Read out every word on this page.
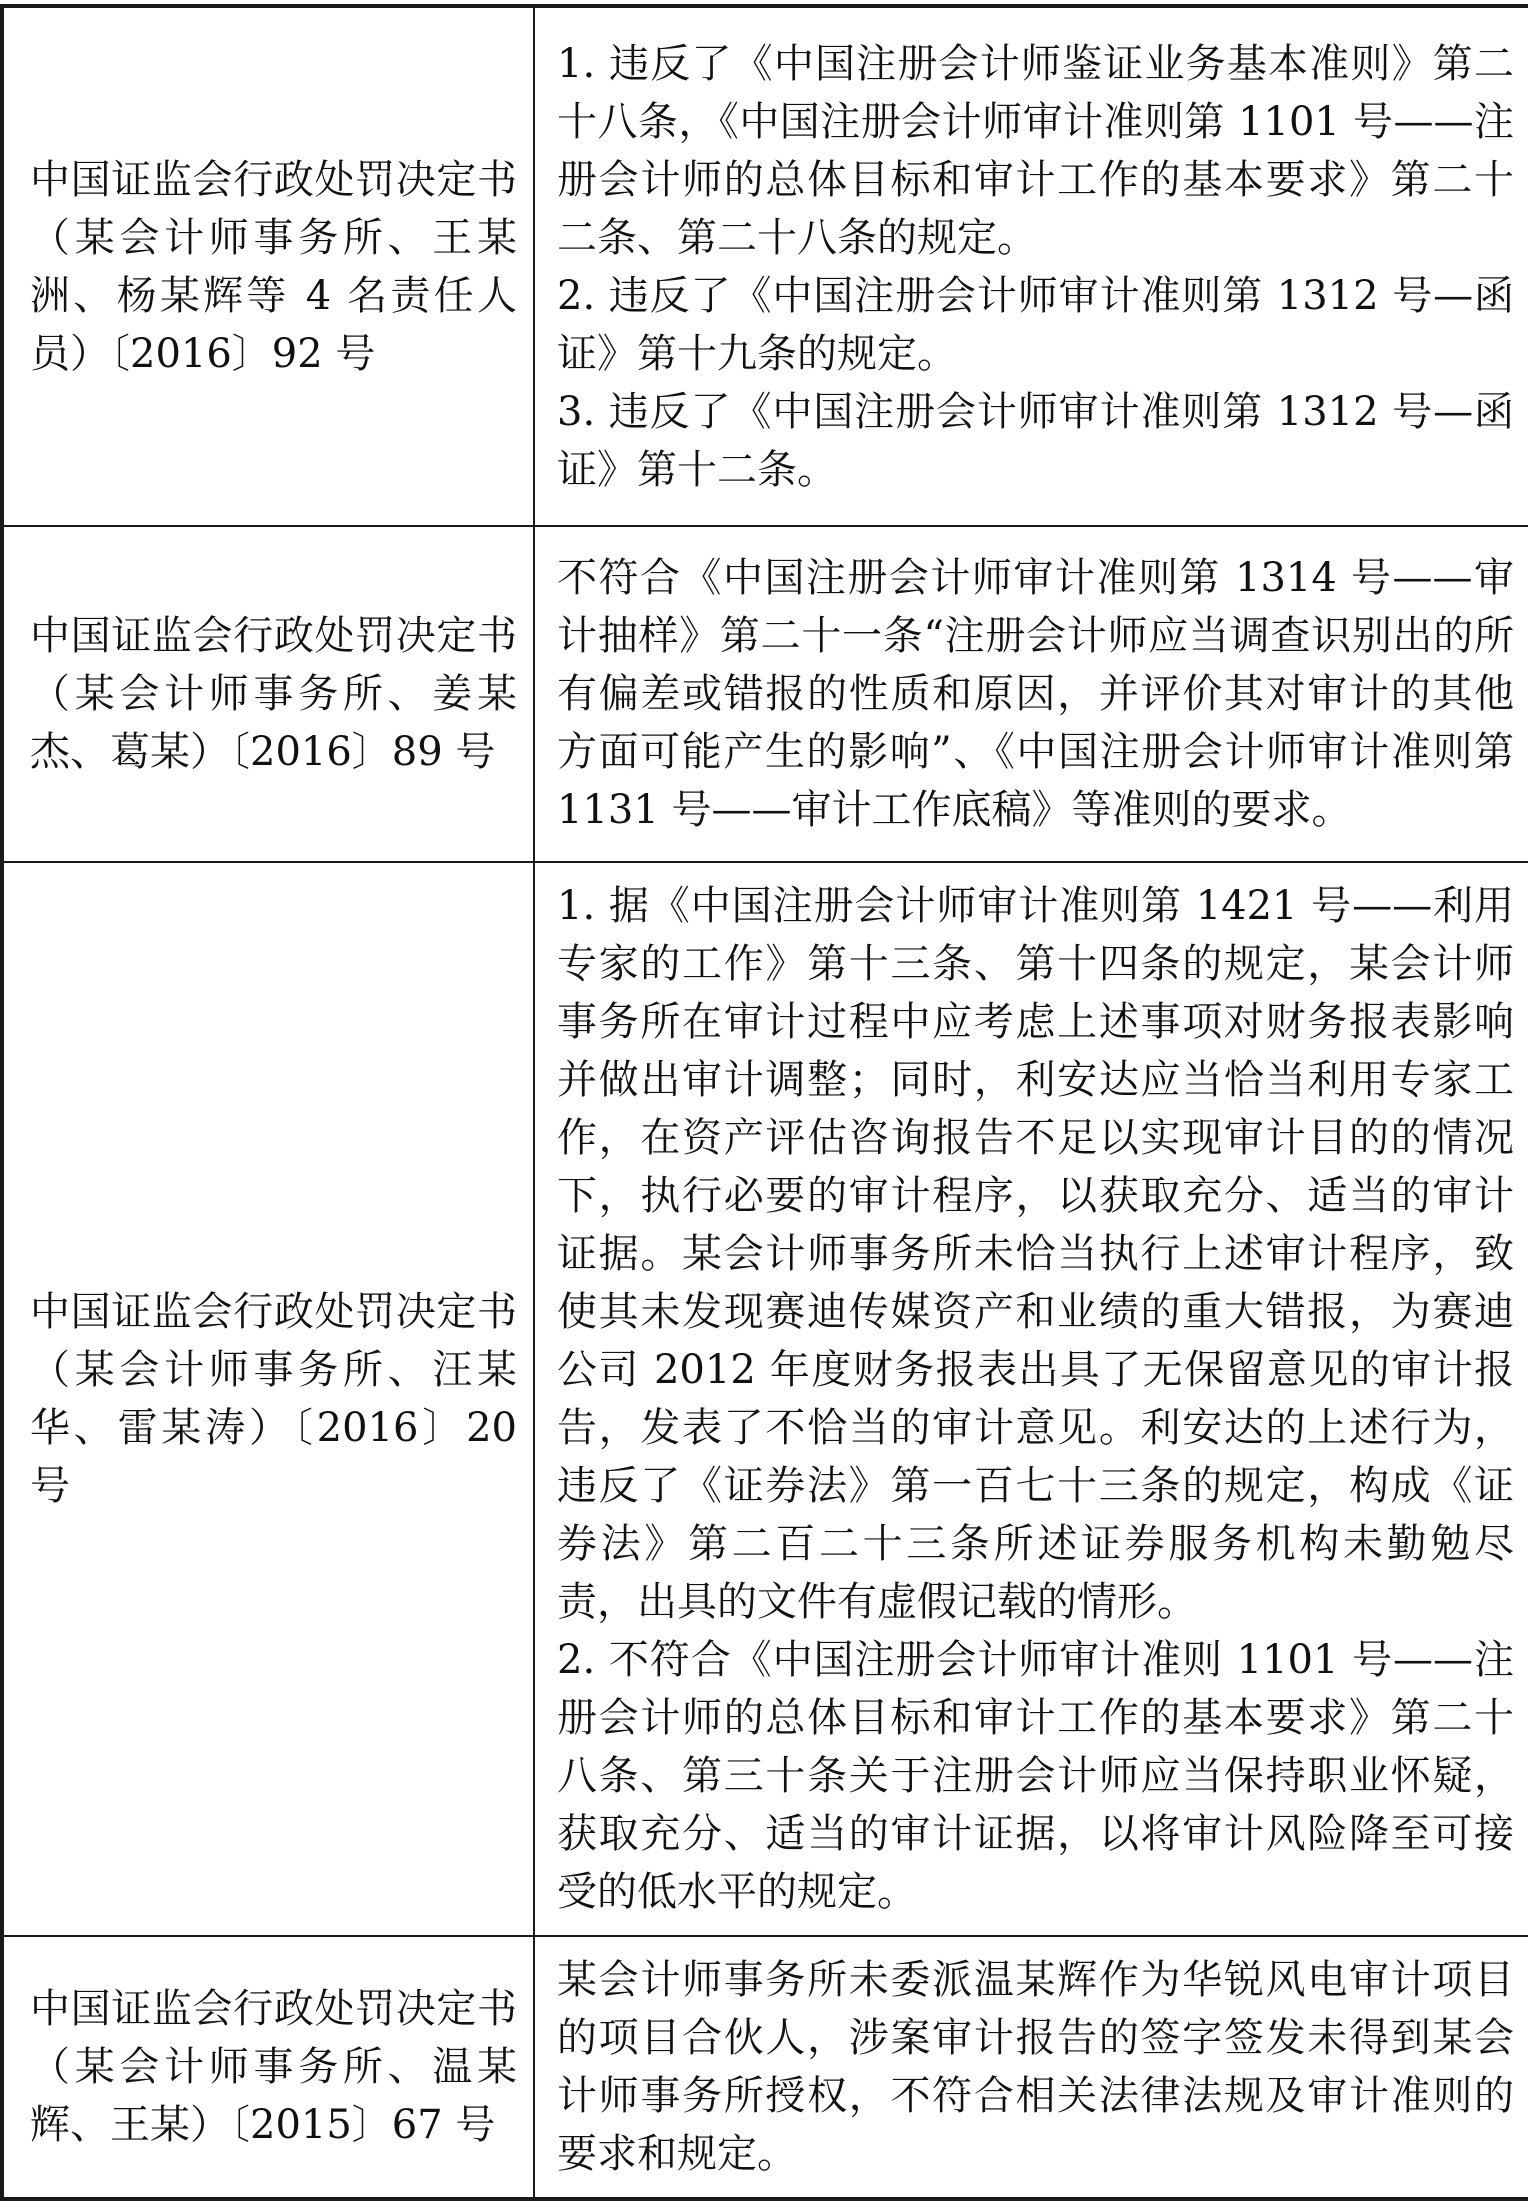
中国证监会行政处罚决定书（某会计师事务所、王某洲、杨某辉等 4 名责任人员）〔2016〕92 号	1. 违反了《中国注册会计师鉴证业务基本准则》第二十八条，《中国注册会计师审计准则第 1101 号——注册会计师的总体目标和审计工作的基本要求》第二十二条、第二十八条的规定。
2. 违反了《中国注册会计师审计准则第 1312 号—函证》第十九条的规定。
3. 违反了《中国注册会计师审计准则第 1312 号—函证》第十二条。

中国证监会行政处罚决定书（某会计师事务所、姜某杰、葛某）〔2016〕89 号	不符合《中国注册会计师审计准则第 1314 号——审计抽样》第二十一条“注册会计师应当调查识别出的所有偏差或错报的性质和原因，并评价其对审计的其他方面可能产生的影响”、《中国注册会计师审计准则第 1131 号——审计工作底稿》等准则的要求。

中国证监会行政处罚决定书（某会计师事务所、汪某华、雷某涛）〔2016〕20 号	1. 据《中国注册会计师审计准则第 1421 号——利用专家的工作》第十三条、第十四条的规定，某会计师事务所在审计过程中应考虑上述事项对财务报表影响并做出审计调整；同时，利安达应当恰当利用专家工作，在资产评估咨询报告不足以实现审计目的的情况下，执行必要的审计程序，以获取充分、适当的审计证据。某会计师事务所未恰当执行上述审计程序，致使其未发现赛迪传媒资产和业绩的重大错报，为赛迪公司 2012 年度财务报表出具了无保留意见的审计报告，发表了不恰当的审计意见。利安达的上述行为，违反了《证券法》第一百七十三条的规定，构成《证券法》第二百二十三条所述证券服务机构未勤勉尽责，出具的文件有虚假记载的情形。
2. 不符合《中国注册会计师审计准则 1101 号——注册会计师的总体目标和审计工作的基本要求》第二十八条、第三十条关于注册会计师应当保持职业怀疑，获取充分、适当的审计证据，以将审计风险降至可接受的低水平的规定。

中国证监会行政处罚决定书（某会计师事务所、温某辉、王某）〔2015〕67 号	某会计师事务所未委派温某辉作为华锐风电审计项目的项目合伙人，涉案审计报告的签字签发未得到某会计师事务所授权，不符合相关法律法规及审计准则的要求和规定。
